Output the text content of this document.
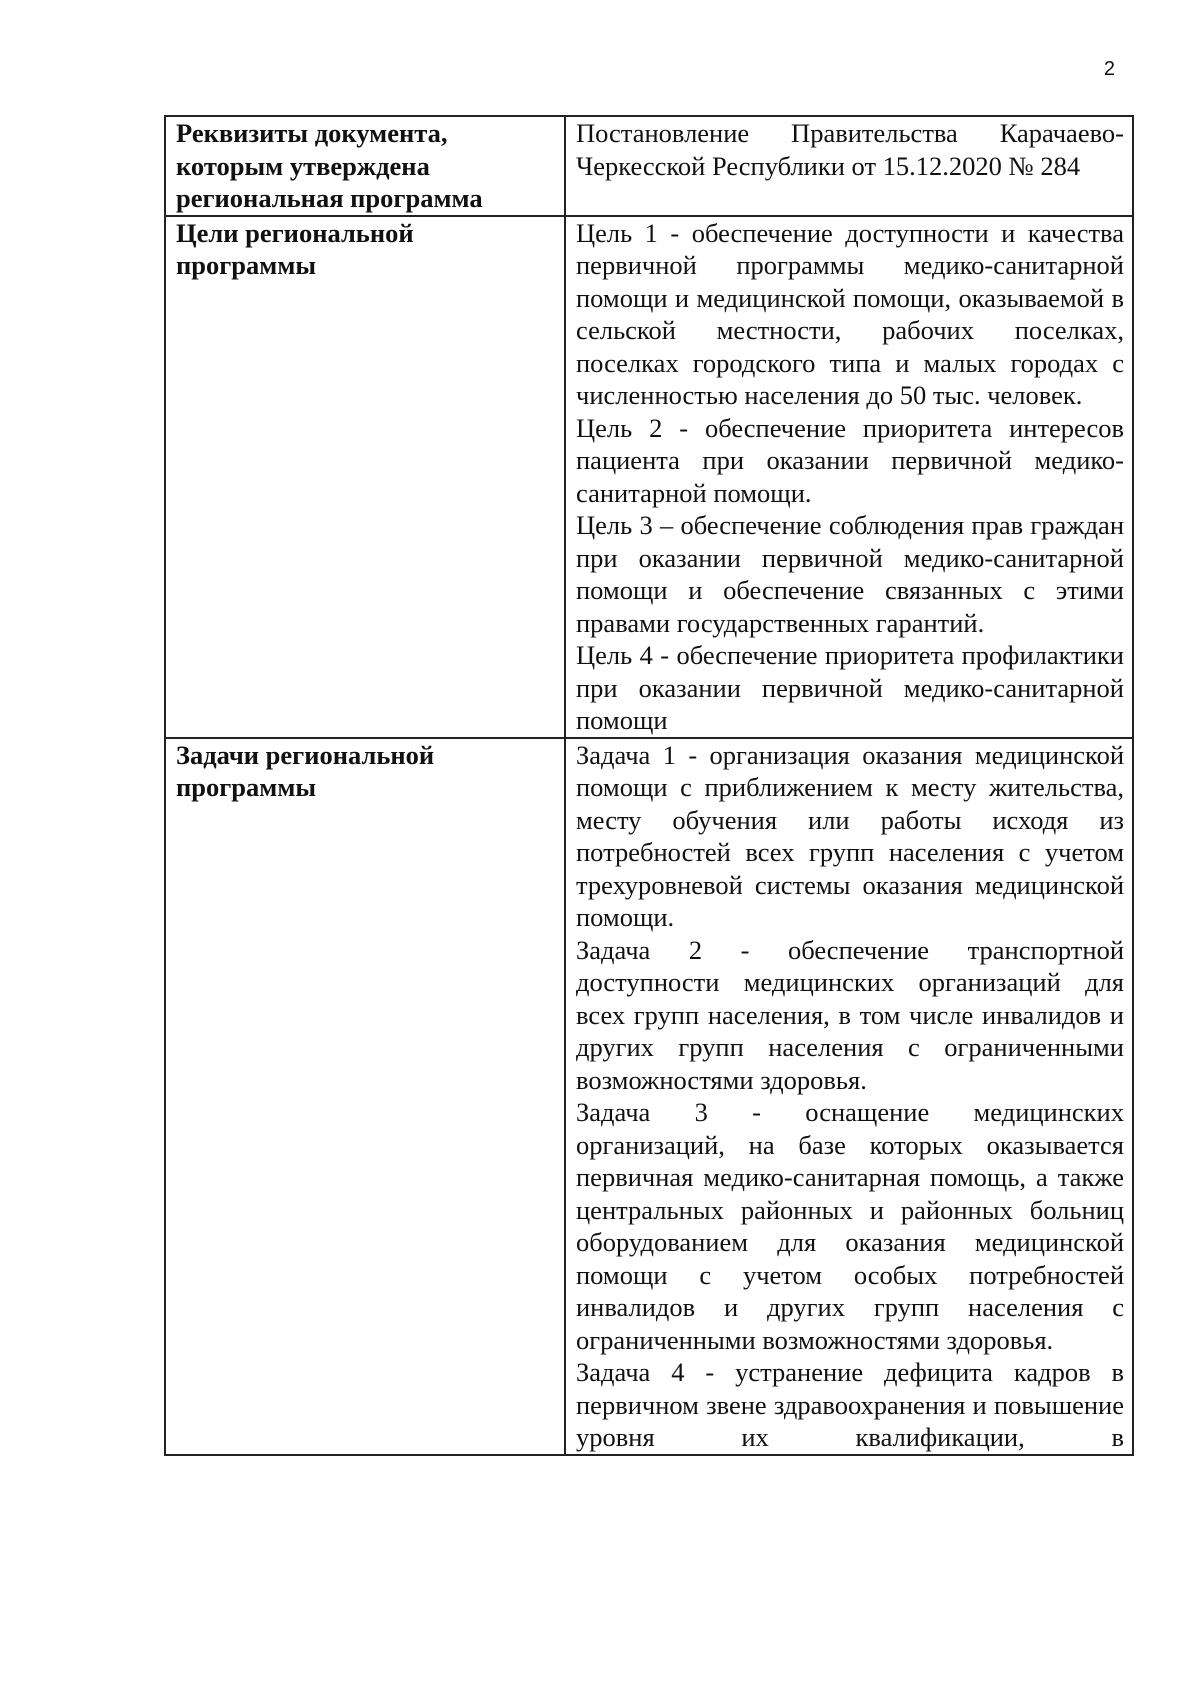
2
Реквизиты документа, которым утверждена региональная программа	Постановление Правительства Карачаево-Черкесской Республики от 15.12.2020 № 284

Цели региональной программы	Цель 1 - обеспечение доступности и качества первичной программы медико-санитарной помощи и медицинской помощи, оказываемой в сельской местности, рабочих поселках, поселках городского типа и малых городах с численностью населения до 50 тыс. человек.

Цель 2 - обеспечение приоритета интересов пациента при оказании первичной медико-санитарной помощи.

Цель 3 – обеспечение соблюдения прав граждан при оказании первичной медико-санитарной помощи и обеспечение связанных с этими правами государственных гарантий.

Цель 4 - обеспечение приоритета профилактики при оказании первичной медико-санитарной помощи

Задачи региональной программы	Задача 1 - организация оказания медицинской помощи с приближением к месту жительства, месту обучения или работы исходя из потребностей всех групп населения с учетом трехуровневой системы оказания медицинской помощи.

Задача 2 - обеспечение транспортной доступности медицинских организаций для всех групп населения, в том числе инвалидов и других групп населения с ограниченными возможностями здоровья.

Задача 3 - оснащение медицинских организаций, на базе которых оказывается первичная медико-санитарная помощь, а также центральных районных и районных больниц оборудованием для оказания медицинской помощи с учетом особых потребностей инвалидов и других групп населения с ограниченными возможностями здоровья.

Задача 4 - устранение дефицита кадров в первичном звене здравоохранения и повышение уровня их квалификации, в
